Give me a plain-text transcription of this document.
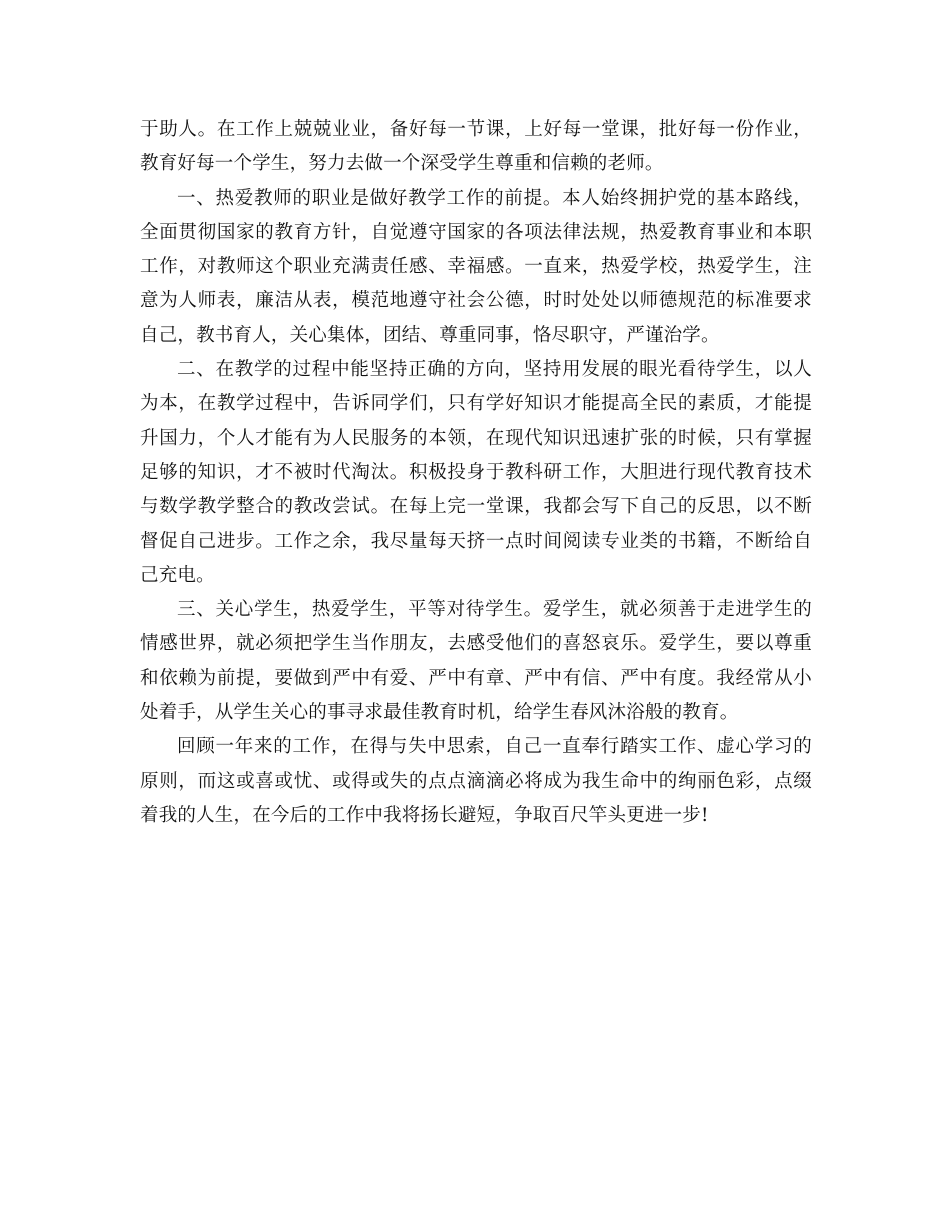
于助人。在工作上兢兢业业，备好每一节课，上好每一堂课，批好每一份作业，教育好每一个学生，努力去做一个深受学生尊重和信赖的老师。

一、热爱教师的职业是做好教学工作的前提。本人始终拥护党的基本路线，全面贯彻国家的教育方针，自觉遵守国家的各项法律法规，热爱教育事业和本职工作，对教师这个职业充满责任感、幸福感。一直来，热爱学校，热爱学生，注意为人师表，廉洁从表，模范地遵守社会公德，时时处处以师德规范的标准要求自己，教书育人，关心集体，团结、尊重同事，恪尽职守，严谨治学。

二、在教学的过程中能坚持正确的方向，坚持用发展的眼光看待学生，以人为本，在教学过程中，告诉同学们，只有学好知识才能提高全民的素质，才能提升国力，个人才能有为人民服务的本领，在现代知识迅速扩张的时候，只有掌握足够的知识，才不被时代淘汰。积极投身于教科研工作，大胆进行现代教育技术与数学教学整合的教改尝试。在每上完一堂课，我都会写下自己的反思，以不断督促自己进步。工作之余，我尽量每天挤一点时间阅读专业类的书籍，不断给自己充电。

三、关心学生，热爱学生，平等对待学生。爱学生，就必须善于走进学生的情感世界，就必须把学生当作朋友，去感受他们的喜怒哀乐。爱学生，要以尊重和依赖为前提，要做到严中有爱、严中有章、严中有信、严中有度。我经常从小处着手，从学生关心的事寻求最佳教育时机，给学生春风沐浴般的教育。

回顾一年来的工作，在得与失中思索，自己一直奉行踏实工作、虚心学习的原则，而这或喜或忧、或得或失的点点滴滴必将成为我生命中的绚丽色彩，点缀着我的人生，在今后的工作中我将扬长避短，争取百尺竿头更进一步!
